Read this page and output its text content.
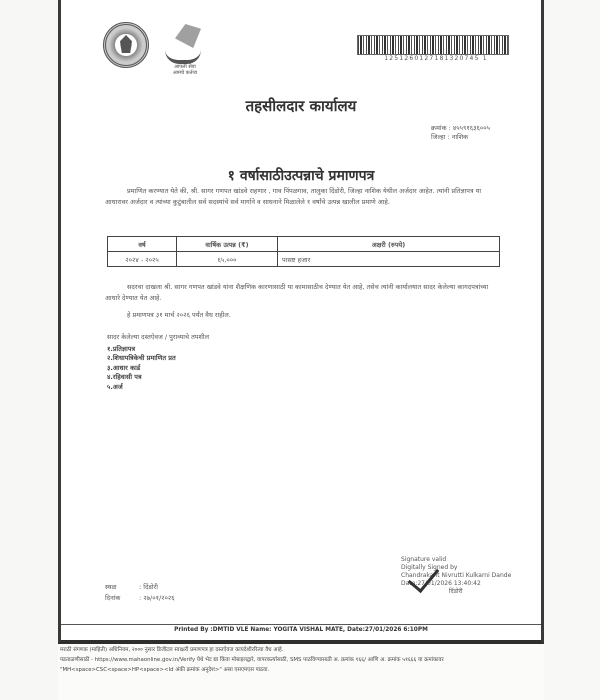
आपली सेवा
आमचे कर्तव्य
1251260127181320745 1
तहसीलदार कार्यालय
क्रमांक : ४५५९१६३६००५
जिल्हा : नाशिक
१ वर्षासाठीउत्पन्नाचे प्रमाणपत्र
प्रमाणित करण्यात येते की, श्री. सागर गणपत खांडवे राहणार , गाव पिंपळगाव, तालुका दिंडोरी, जिल्हा नाशिक येथील अर्जदार आहेत. त्यांनी प्रतिज्ञापत्र या आधारावर अर्जदार व त्यांच्या कुटुंबातील सर्व सदस्यांचे सर्व मार्गाने व साधनाने मिळालेले १ वर्षांचे उत्पन्न खालील प्रमाणे आहे.
वर्ष	वार्षिक उत्पन्न (₹)	अक्षरी (रुपये)
२०२४ - २०२५	६५,०००	पासष्ट हजार
सदरचा दाखला श्री. सागर गणपत खांडवे यांना शैक्षणिक कारणासाठी या कामासाठीच देण्यात येत आहे, तसेच त्यांनी कार्यालयात सादर केलेल्या कागदपत्रांच्या आधारे देण्यात येत आहे.
हे प्रमाणपत्र ३१ मार्च २०२६ पर्यंत वैध राहील.
सादर केलेल्या दस्तऐवज / पुराव्याचे तपशील
१.प्रतिज्ञापत्र
२.शिधापत्रिकेची प्रमाणित प्रत
३.आधार कार्ड
४.रहिवासी पत्र
५.अर्ज
Signature valid
Digitally Signed by
Chandrakant Nivrutti Kulkarni Dande
Date:27/01/2026 13:40:42
दिंडोरी
स्थळ	: दिंडोरी
दिनांक	: २७/०१/२०२६
Printed By :DMTID VLE Name: YOGITA VISHAL MATE, Date:27/01/2026 6:10PM
मराठी संगणक (माहिती) अधिनियम, २००० नुसार डिजीटल स्वाक्षरी प्रमाणपत्र हा दस्तऐवज कायदेशीररित्या वैध आहे.
पडताळणीसाठी - https://www.mahaonline.gov.in/Verify येथे भेट द्या किंवा मोबाइलद्वारे, वापरकर्त्यासाठी, SMS पाठविण्यासाठी अ. क्रमांक १६६/ आणि अ. क्रमांक ५१६६६ या क्रमांकावर
"MH<space>CSC<space>HP<space><Id अंकी क्रमांक अनुदेश>" असा एसएमएस पाठवा.
